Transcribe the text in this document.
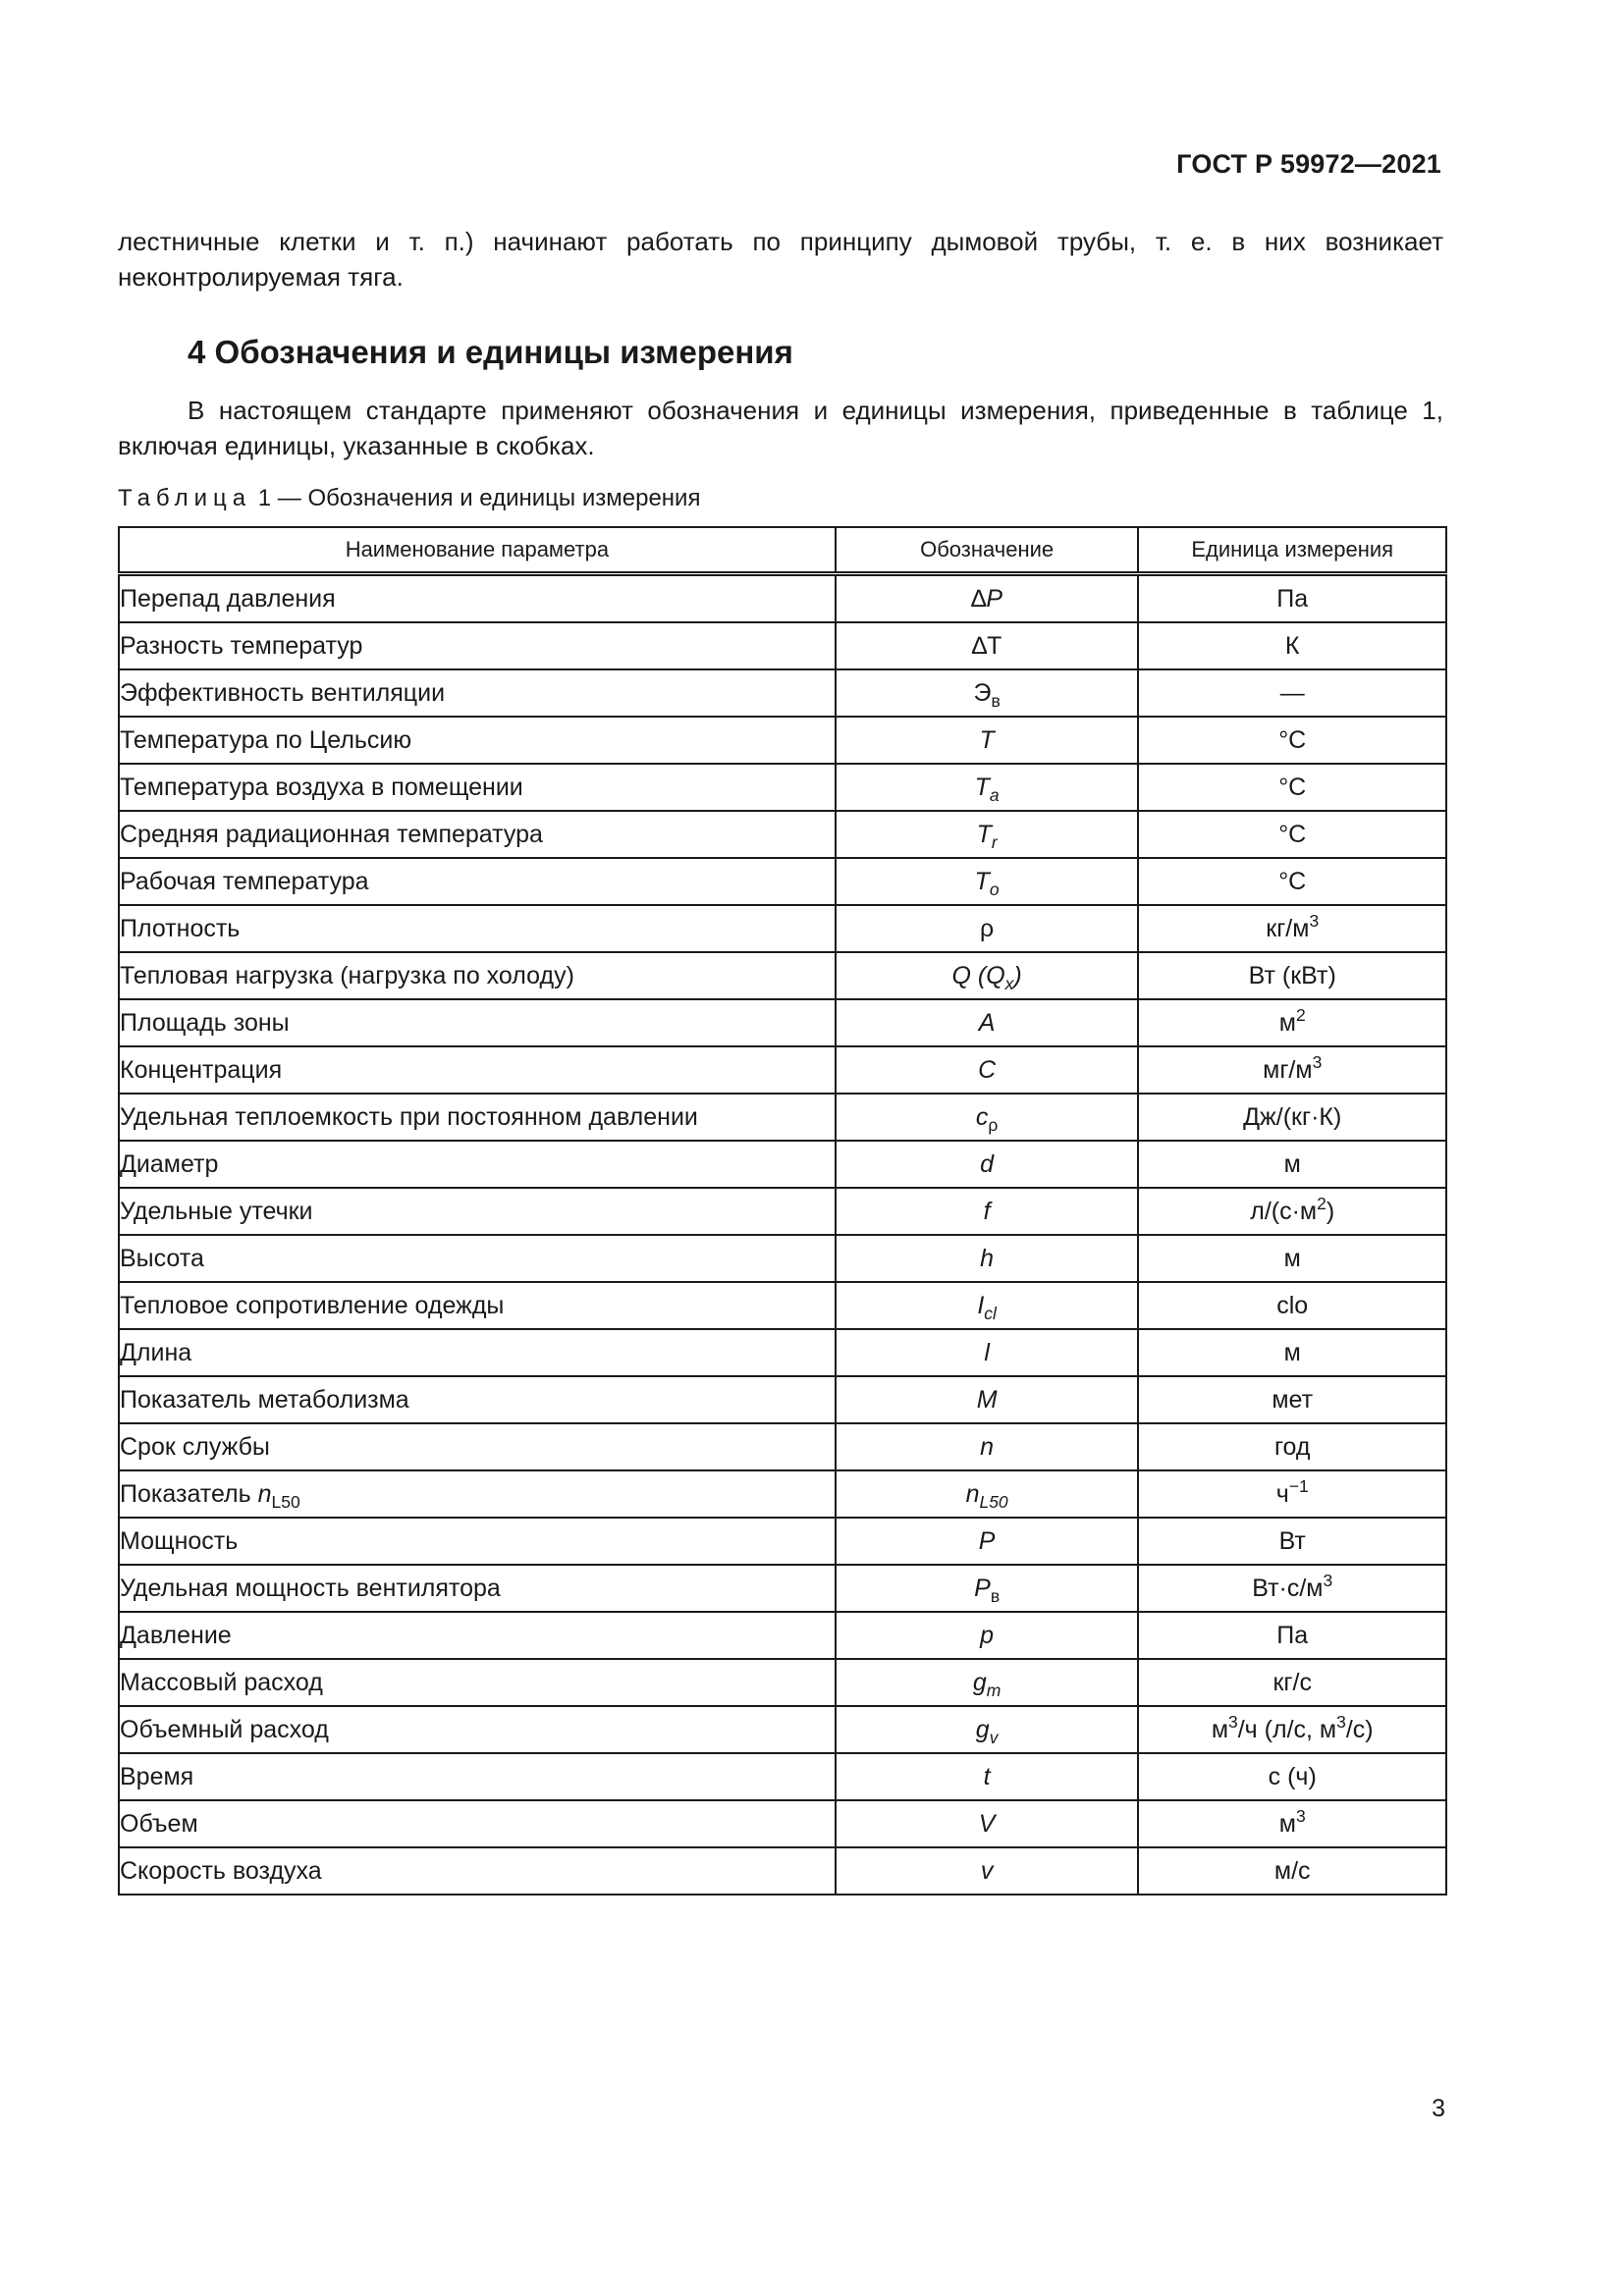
ГОСТ Р 59972—2021

лестничные клетки и т. п.) начинают работать по принципу дымовой трубы, т. е. в них возникает неконтролируемая тяга.

4 Обозначения и единицы измерения

В настоящем стандарте применяют обозначения и единицы измерения, приведенные в таблице 1, включая единицы, указанные в скобках.

Таблица 1 — Обозначения и единицы измерения

Наименование параметра	Обозначение	Единица измерения
Перепад давления	∆P	Па
Разность температур	∆T	К
Эффективность вентиляции	$Э_в$	—
Температура по Цельсию	T	°С
Температура воздуха в помещении	$T_a$	°С
Средняя радиационная температура	$T_r$	°С
Рабочая температура	$T_o$	°С
Плотность	ρ	$кг/м^3$
Тепловая нагрузка (нагрузка по холоду)	Q $(Q_x)$	Вт (кВт)
Площадь зоны	A	$м^2$
Концентрация	C	$мг/м^3$
Удельная теплоемкость при постоянном давлении	$c_\rho$	Дж/(кг·К)
Диаметр	d	м
Удельные утечки	f	$л/(с\cdot м^2)$
Высота	h	м
Тепловое сопротивление одежды	$I_{cl}$	clo
Длина	l	м
Показатель метаболизма	M	мет
Срок службы	n	год
Показатель $n_{L50}$	$n_{L50}$	$ч^{-1}$
Мощность	P	Вт
Удельная мощность вентилятора	$P_в$	$Вт\cdot с/м^3$
Давление	p	Па
Массовый расход	$g_m$	кг/с
Объемный расход	$g_v$	$м^3/ч$ (л/с, $м^3/с$)
Время	t	с (ч)
Объем	V	$м^3$
Скорость воздуха	v	м/с
3
